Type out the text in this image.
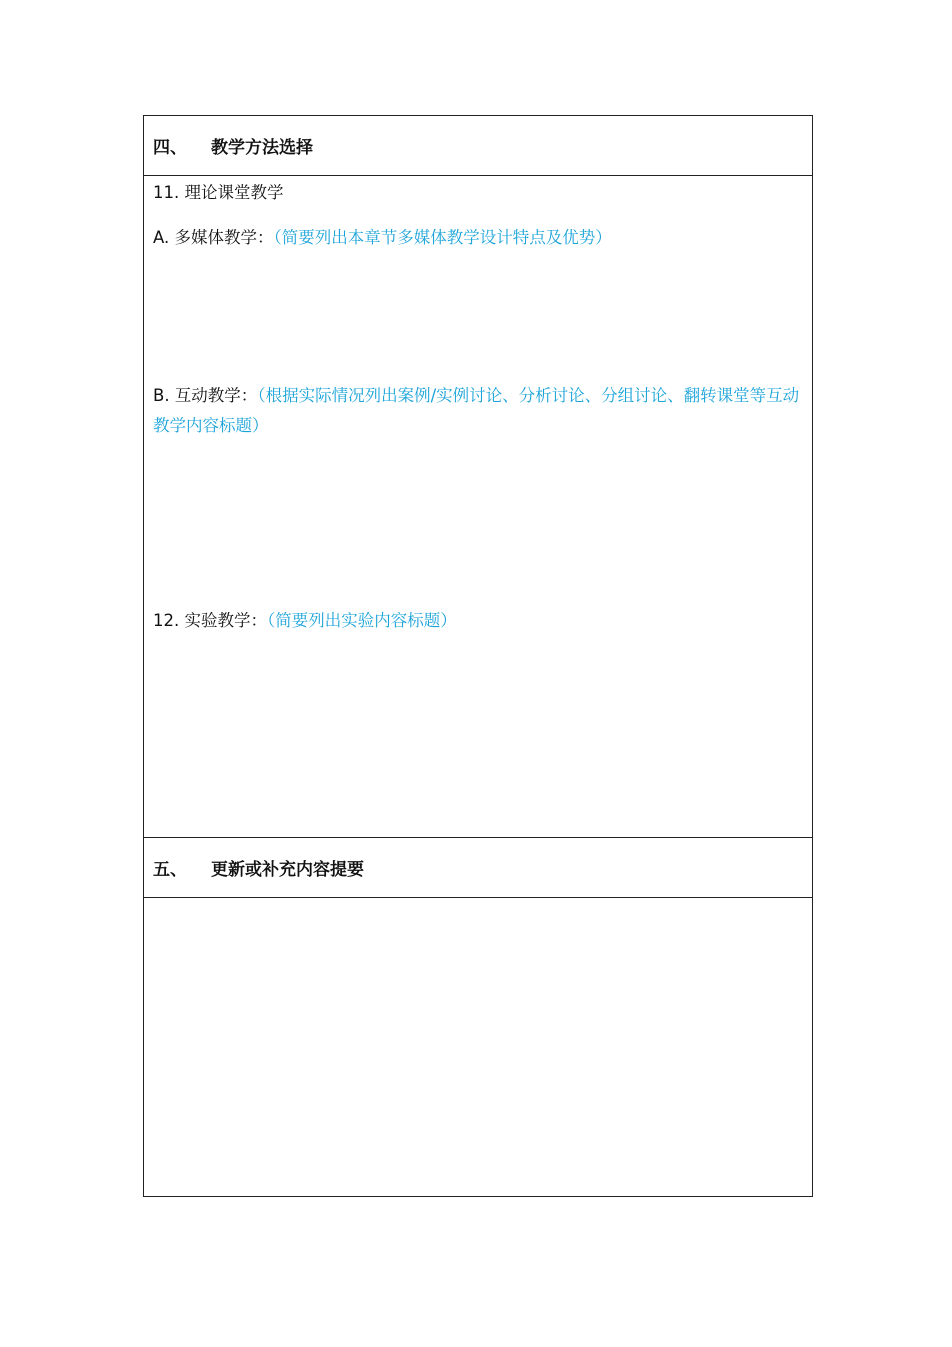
四、	教学方法选择
11. 理论课堂教学
A. 多媒体教学：（简要列出本章节多媒体教学设计特点及优势）
B. 互动教学：（根据实际情况列出案例/实例讨论、分析讨论、分组讨论、翻转课堂等互动教学内容标题）
12. 实验教学：（简要列出实验内容标题）
五、	更新或补充内容提要
